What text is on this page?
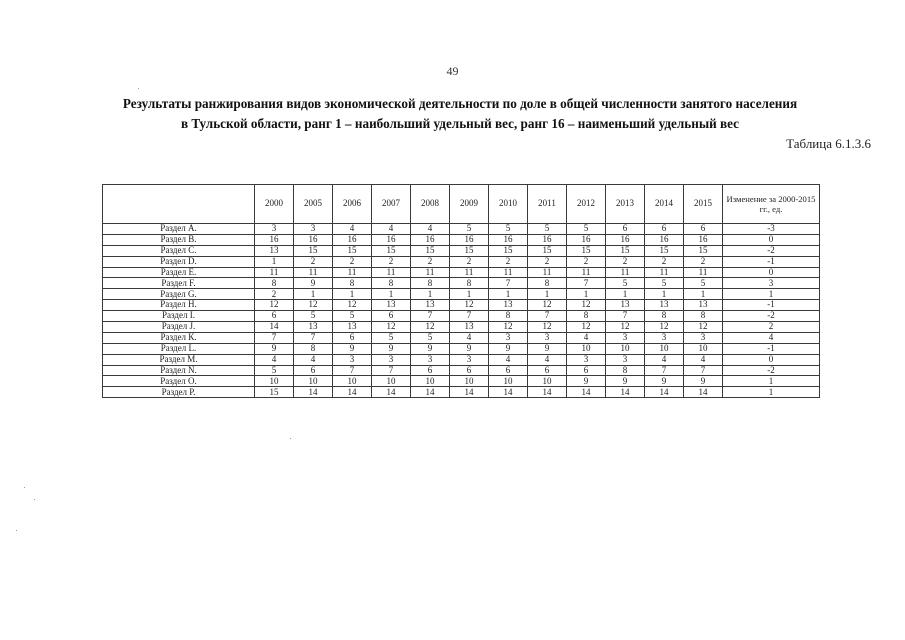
49
Результаты ранжирования видов экономической деятельности по доле в общей численности занятого населения
в Тульской области, ранг 1 – наибольший удельный вес, ранг 16 – наименьший удельный вес
Таблица 6.1.3.6
	2000	2005	2006	2007	2008	2009	2010	2011	2012	2013	2014	2015	Изменение за 2000-2015 гг., ед.
Раздел А.	3	3	4	4	4	5	5	5	5	6	6	6	-3
Раздел В.	16	16	16	16	16	16	16	16	16	16	16	16	0
Раздел С.	13	15	15	15	15	15	15	15	15	15	15	15	-2
Раздел D.	1	2	2	2	2	2	2	2	2	2	2	2	-1
Раздел Е.	11	11	11	11	11	11	11	11	11	11	11	11	0
Раздел F.	8	9	8	8	8	8	7	8	7	5	5	5	3
Раздел G.	2	1	1	1	1	1	1	1	1	1	1	1	1
Раздел Н.	12	12	12	13	13	12	13	12	12	13	13	13	-1
Раздел I.	6	5	5	6	7	7	8	7	8	7	8	8	-2
Раздел J.	14	13	13	12	12	13	12	12	12	12	12	12	2
Раздел К.	7	7	6	5	5	4	3	3	4	3	3	3	4
Раздел L.	9	8	9	9	9	9	9	9	10	10	10	10	-1
Раздел М.	4	4	3	3	3	3	4	4	3	3	4	4	0
Раздел N.	5	6	7	7	6	6	6	6	6	8	7	7	-2
Раздел О.	10	10	10	10	10	10	10	10	9	9	9	9	1
Раздел Р.	15	14	14	14	14	14	14	14	14	14	14	14	1
